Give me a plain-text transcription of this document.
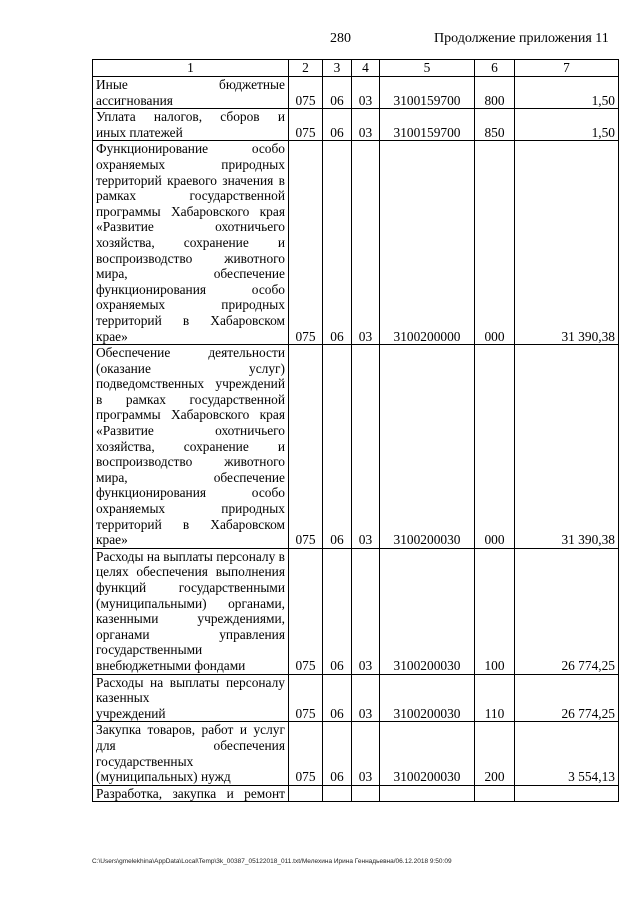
280	Продолжение приложения 11
1	2	3	4	5	6	7
Иные бюджетные
ассигнования	075	06	03	3100159700	800	1,50
Уплата налогов, сборов и
иных платежей	075	06	03	3100159700	850	1,50
Функционирование особо охраняемых природных территорий краевого значения в рамках государственной программы Хабаровского края «Развитие охотничьего хозяйства, сохранение и воспроизводство животного мира, обеспечение функционирования особо охраняемых природных территорий в Хабаровском
крае»	075	06	03	3100200000	000	31 390,38
Обеспечение деятельности (оказание услуг) подведомственных учреждений в рамках государственной программы Хабаровского края «Развитие охотничьего хозяйства, сохранение и воспроизводство животного мира, обеспечение функционирования особо охраняемых природных территорий в Хабаровском
крае»	075	06	03	3100200030	000	31 390,38
Расходы на выплаты персоналу в целях обеспечения выполнения функций государственными (муниципальными) органами, казенными учреждениями, органами управления государственными
внебюджетными фондами	075	06	03	3100200030	100	26 774,25
Расходы на выплаты персоналу казенных
учреждений	075	06	03	3100200030	110	26 774,25
Закупка товаров, работ и услуг для обеспечения государственных
(муниципальных) нужд	075	06	03	3100200030	200	3 554,13
Разработка, закупка и ремонт

C:\Users\gmelekhina\AppData\Local\Temp\3k_00387_05122018_011.txt/Мелехина Ирина Геннадьевна/06.12.2018 9:50:09
